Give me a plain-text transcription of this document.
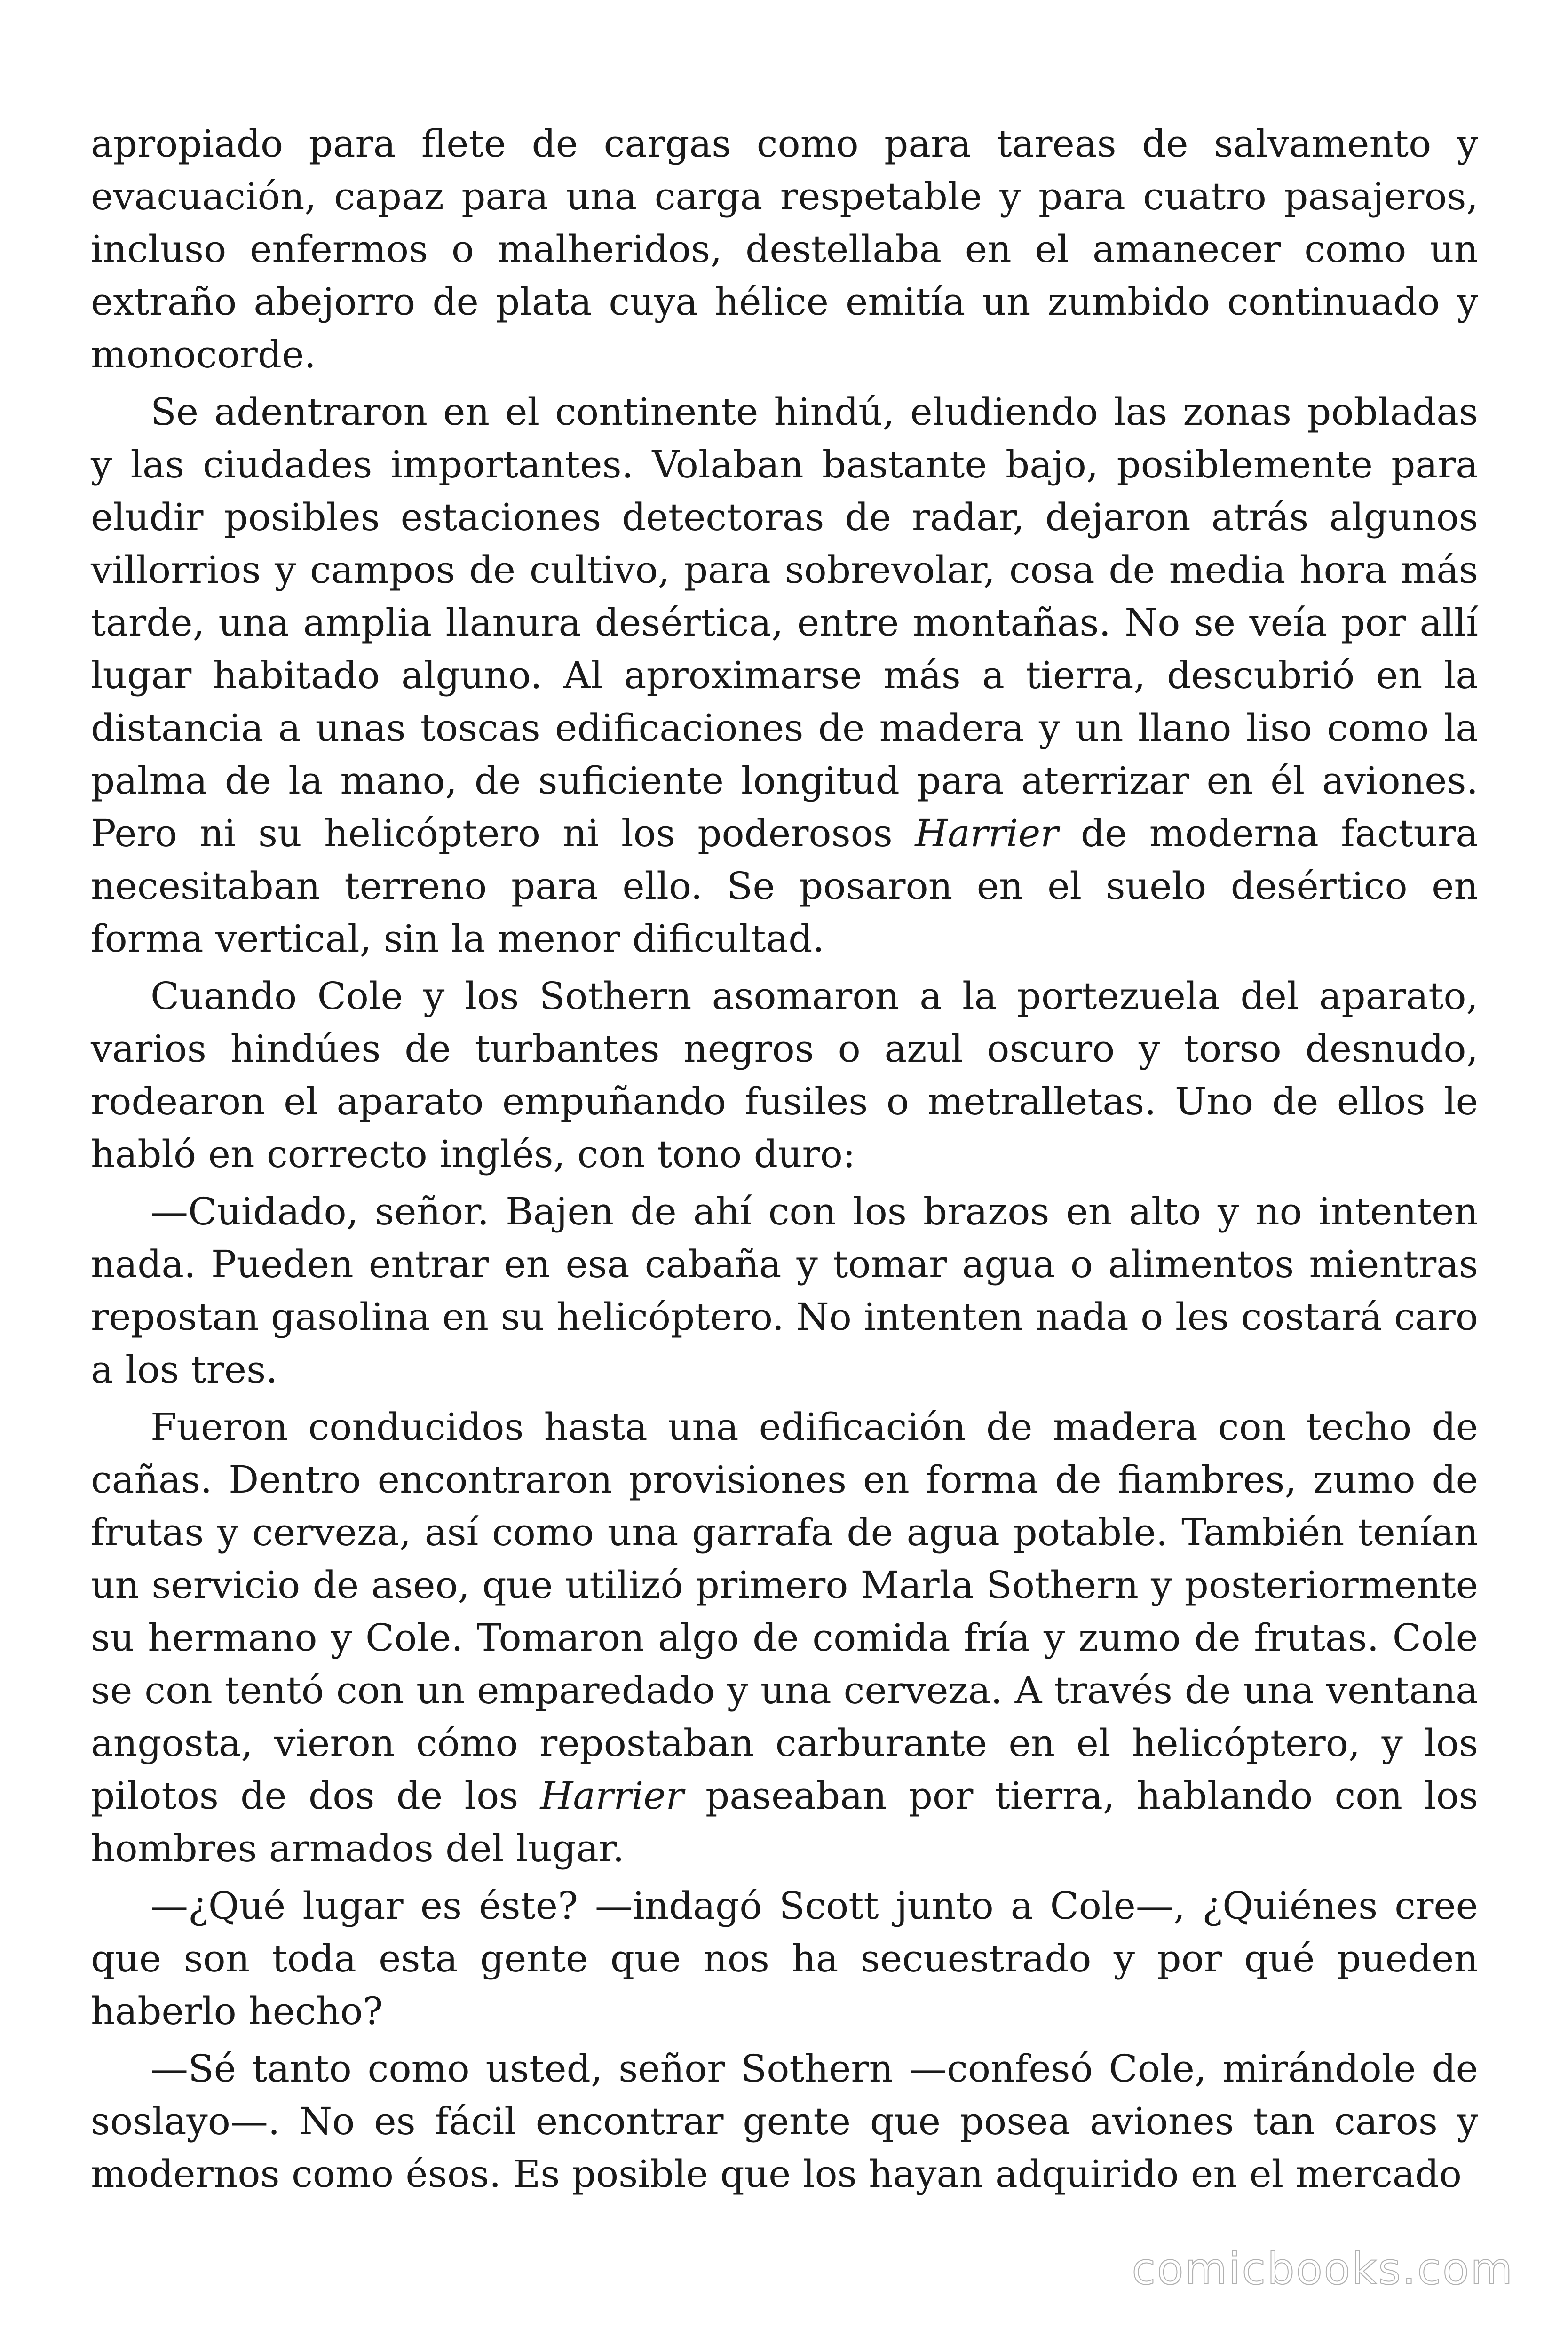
apropiado para flete de cargas como para tareas de salvamento y evacuación, capaz para una carga respetable y para cuatro pasajeros, incluso enfermos o malheridos, destellaba en el amanecer como un extraño abejorro de plata cuya hélice emitía un zumbido continuado y monocorde.

Se adentraron en el continente hindú, eludiendo las zonas pobladas y las ciudades importantes. Volaban bastante bajo, posiblemente para eludir posibles estaciones detectoras de radar, dejaron atrás algunos villorrios y campos de cultivo, para sobrevolar, cosa de media hora más tarde, una amplia llanura desértica, entre montañas. No se veía por allí lugar habitado alguno. Al aproximarse más a tierra, descubrió en la distancia a unas toscas edificaciones de madera y un llano liso como la palma de la mano, de suficiente longitud para aterrizar en él aviones. Pero ni su helicóptero ni los poderosos Harrier de moderna factura necesitaban terreno para ello. Se posaron en el suelo desértico en forma vertical, sin la menor dificultad.

Cuando Cole y los Sothern asomaron a la portezuela del aparato, varios hindúes de turbantes negros o azul oscuro y torso desnudo, rodearon el aparato empuñando fusiles o metralletas. Uno de ellos le habló en correcto inglés, con tono duro:

—Cuidado, señor. Bajen de ahí con los brazos en alto y no intenten nada. Pueden entrar en esa cabaña y tomar agua o alimentos mientras repostan gasolina en su helicóptero. No intenten nada o les costará caro a los tres.

Fueron conducidos hasta una edificación de madera con techo de cañas. Dentro encontraron provisiones en forma de fiambres, zumo de frutas y cerveza, así como una garrafa de agua potable. También tenían un servicio de aseo, que utilizó primero Marla Sothern y posteriormente su hermano y Cole. Tomaron algo de comida fría y zumo de frutas. Cole se con tentó con un emparedado y una cerveza. A través de una ventana angosta, vieron cómo repostaban carburante en el helicóptero, y los pilotos de dos de los Harrier paseaban por tierra, hablando con los hombres armados del lugar.

—¿Qué lugar es éste? —indagó Scott junto a Cole—, ¿Quiénes cree que son toda esta gente que nos ha secuestrado y por qué pueden haberlo hecho?

—Sé tanto como usted, señor Sothern —confesó Cole, mirándole de soslayo—. No es fácil encontrar gente que posea aviones tan caros y modernos como ésos. Es posible que los hayan adquirido en el mercado

comicbooks.com
